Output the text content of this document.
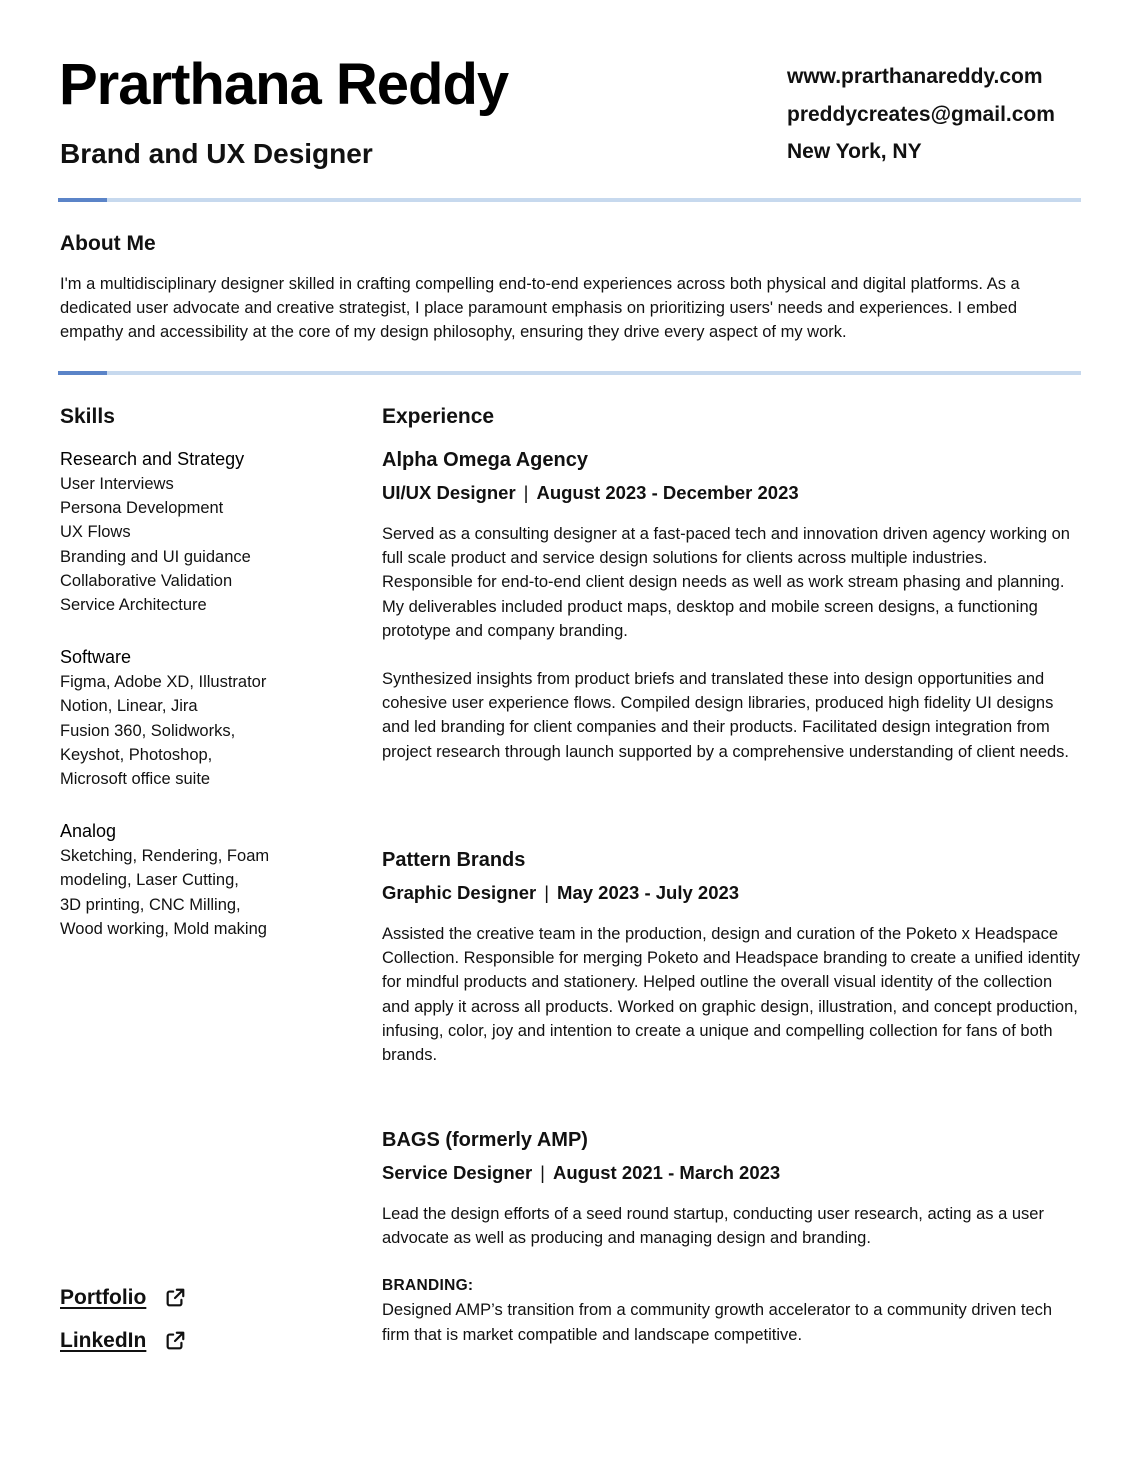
Prarthana Reddy
Brand and UX Designer
www.prarthanareddy.com
preddycreates@gmail.com
New York, NY
About Me
I'm a multidisciplinary designer skilled in crafting compelling end-to-end experiences across both physical and digital platforms. As a dedicated user advocate and creative strategist, I place paramount emphasis on prioritizing users' needs and experiences. I embed empathy and accessibility at the core of my design philosophy, ensuring they drive every aspect of my work.
Skills
Research and Strategy
User Interviews
Persona Development
UX Flows
Branding and UI guidance
Collaborative Validation
Service Architecture
Software
Figma, Adobe XD, Illustrator
Notion, Linear, Jira
Fusion 360, Solidworks,
Keyshot, Photoshop,
Microsoft office suite
Analog
Sketching, Rendering, Foam
modeling, Laser Cutting,
3D printing, CNC Milling,
Wood working, Mold making
Portfolio
LinkedIn
Experience
Alpha Omega Agency
UI/UX Designer | August 2023 - December 2023
Served as a consulting designer at a fast-paced tech and innovation driven agency working on full scale product and service design solutions for clients across multiple industries. Responsible for end-to-end client design needs as well as work stream phasing and planning. My deliverables included product maps, desktop and mobile screen designs, a functioning prototype and company branding.
Synthesized insights from product briefs and translated these into design opportunities and cohesive user experience flows. Compiled design libraries, produced high fidelity UI designs and led branding for client companies and their products. Facilitated design integration from project research through launch supported by a comprehensive understanding of client needs.
Pattern Brands
Graphic Designer | May 2023 - July 2023
Assisted the creative team in the production, design and curation of the Poketo x Headspace Collection. Responsible for merging Poketo and Headspace branding to create a unified identity for mindful products and stationery. Helped outline the overall visual identity of the collection and apply it across all products. Worked on graphic design, illustration, and concept production, infusing, color, joy and intention to create a unique and compelling collection for fans of both brands.
BAGS (formerly AMP)
Service Designer | August 2021 - March 2023
Lead the design efforts of a seed round startup, conducting user research, acting as a user advocate as well as producing and managing design and branding.
BRANDING:
Designed AMP’s transition from a community growth accelerator to a community driven tech firm that is market compatible and landscape competitive.
